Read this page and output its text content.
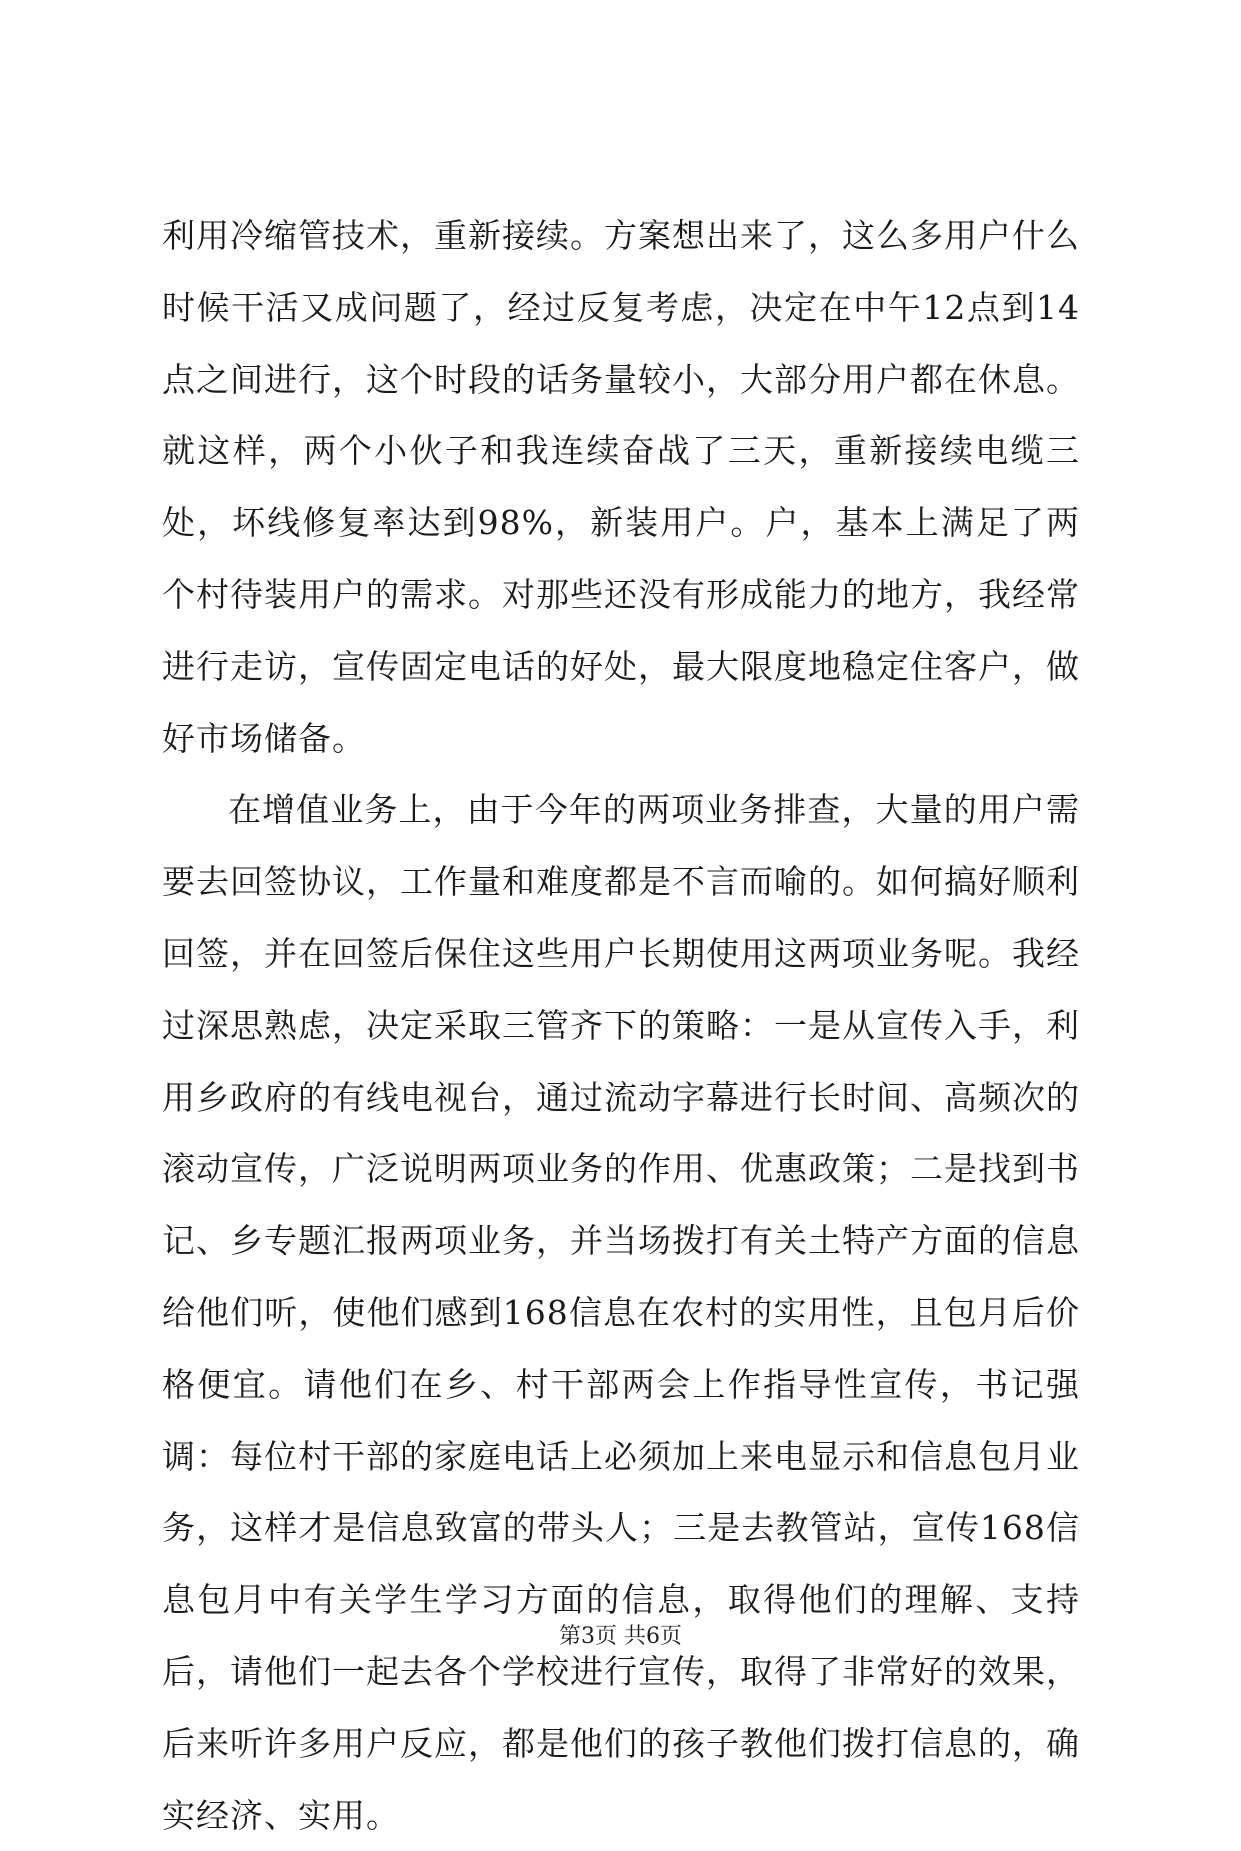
利用冷缩管技术，重新接续。方案想出来了，这么多用户什么时候干活又成问题了，经过反复考虑，决定在中午12点到14点之间进行，这个时段的话务量较小，大部分用户都在休息。就这样，两个小伙子和我连续奋战了三天，重新接续电缆三处，坏线修复率达到98%，新装用户。户，基本上满足了两个村待装用户的需求。对那些还没有形成能力的地方，我经常进行走访，宣传固定电话的好处，最大限度地稳定住客户，做好市场储备。

在增值业务上，由于今年的两项业务排查，大量的用户需要去回签协议，工作量和难度都是不言而喻的。如何搞好顺利回签，并在回签后保住这些用户长期使用这两项业务呢。我经过深思熟虑，决定采取三管齐下的策略：一是从宣传入手，利用乡政府的有线电视台，通过流动字幕进行长时间、高频次的滚动宣传，广泛说明两项业务的作用、优惠政策；二是找到书记、乡专题汇报两项业务，并当场拨打有关土特产方面的信息给他们听，使他们感到168信息在农村的实用性，且包月后价格便宜。请他们在乡、村干部两会上作指导性宣传，书记强调：每位村干部的家庭电话上必须加上来电显示和信息包月业务，这样才是信息致富的带头人；三是去教管站，宣传168信息包月中有关学生学习方面的信息，取得他们的理解、支持后，请他们一起去各个学校进行宣传，取得了非常好的效果，后来听许多用户反应，都是他们的孩子教他们拨打信息的，确实经济、实用。

第3页 共6页
